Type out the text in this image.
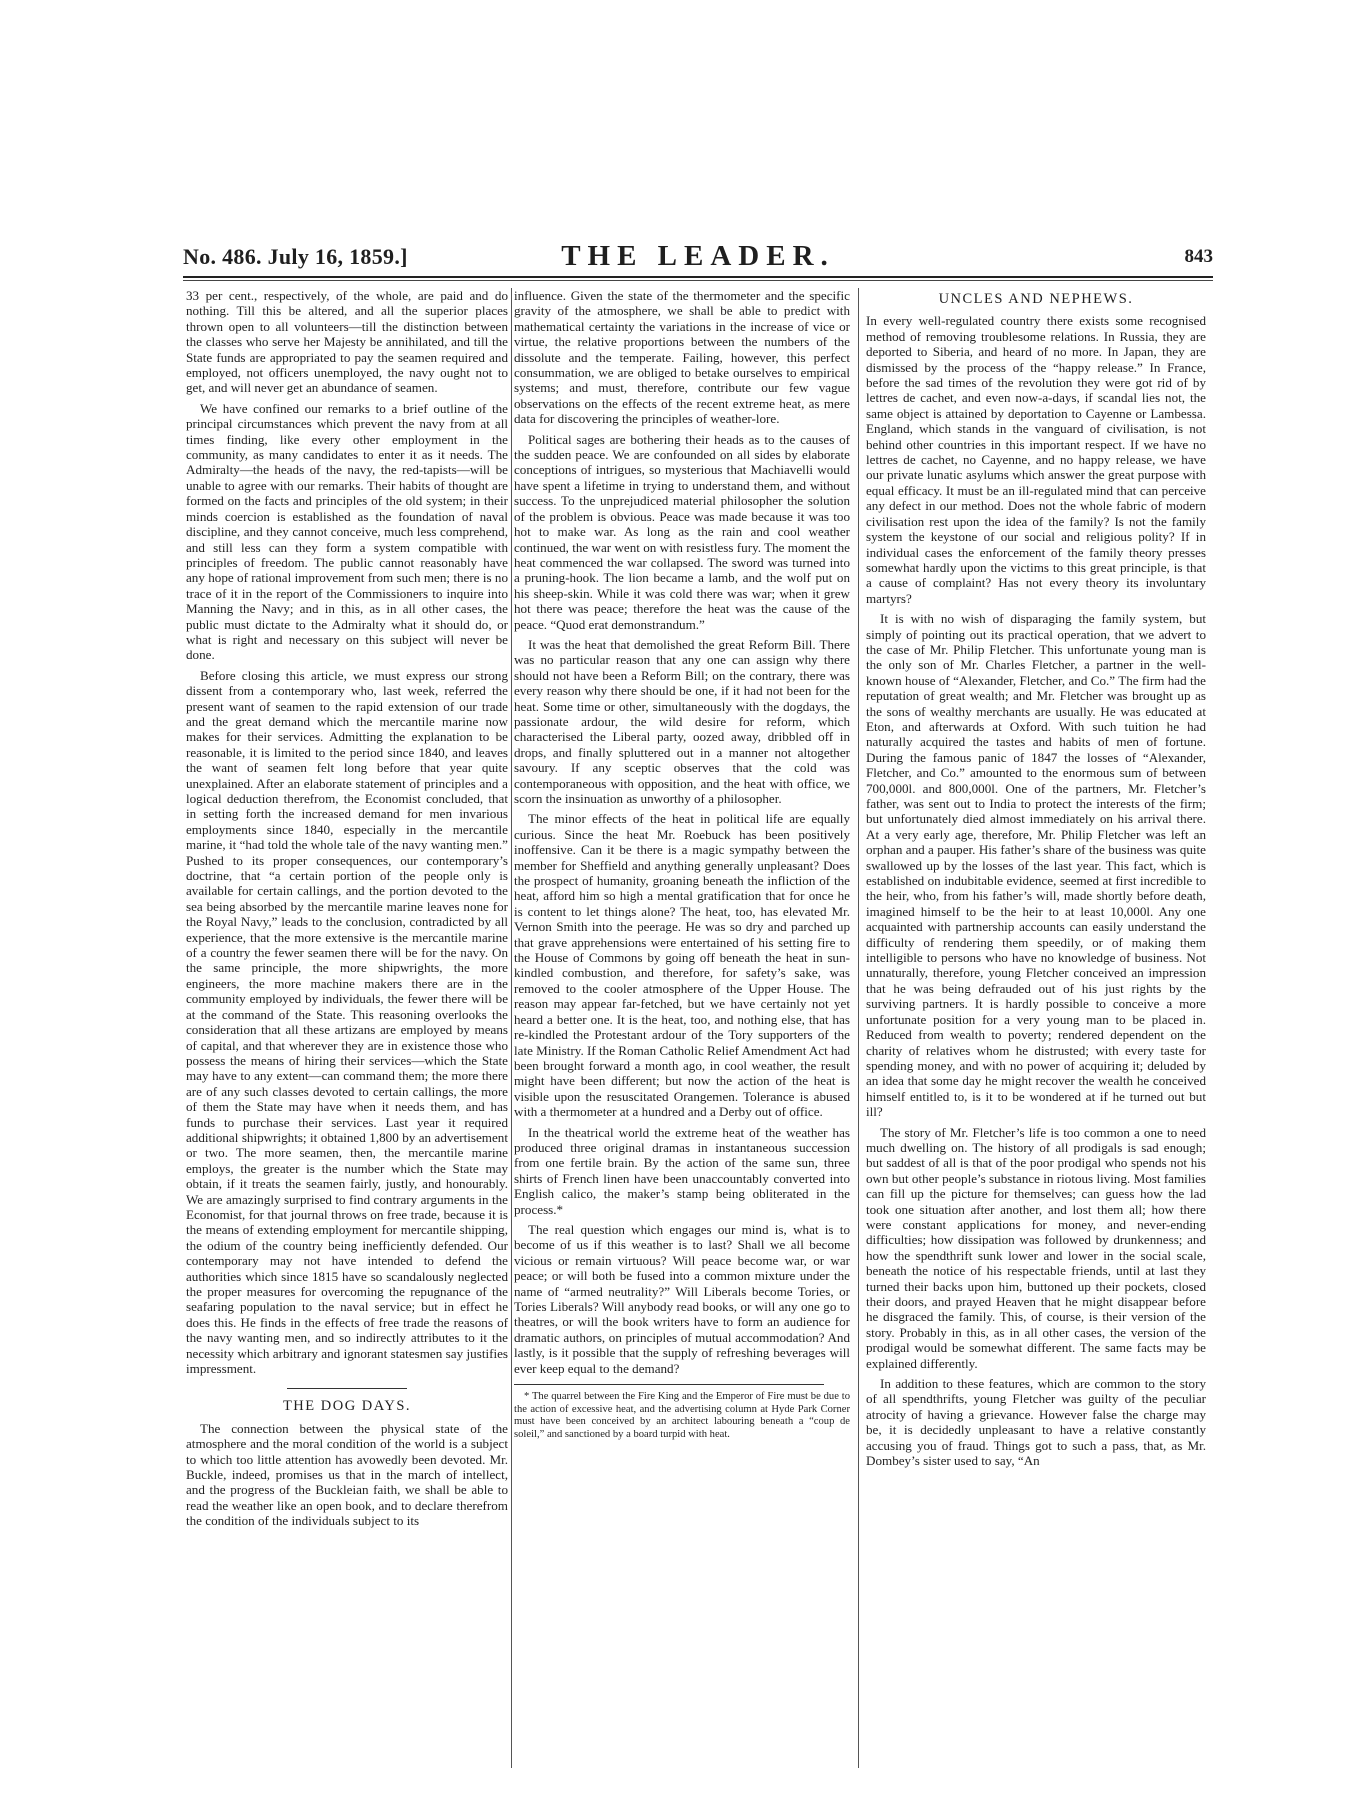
No. 486. July 16, 1859.]	THE LEADER.	843

33 per cent., respectively, of the whole, are paid and do nothing. Till this be altered, and all the superior places thrown open to all volunteers—till the distinction between the classes who serve her Majesty be annihilated, and till the State funds are appropriated to pay the seamen required and employed, not officers unemployed, the navy ought not to get, and will never get an abundance of seamen.

We have confined our remarks to a brief outline of the principal circumstances which prevent the navy from at all times finding, like every other employment in the community, as many candidates to enter it as it needs. The Admiralty—the heads of the navy, the red-tapists—will be unable to agree with our remarks. Their habits of thought are formed on the facts and principles of the old system; in their minds coercion is established as the foundation of naval discipline, and they cannot conceive, much less comprehend, and still less can they form a system compatible with principles of freedom. The public cannot reasonably have any hope of rational improvement from such men; there is no trace of it in the report of the Commissioners to inquire into Manning the Navy; and in this, as in all other cases, the public must dictate to the Admiralty what it should do, or what is right and necessary on this subject will never be done.

Before closing this article, we must express our strong dissent from a contemporary who, last week, referred the present want of seamen to the rapid extension of our trade and the great demand which the mercantile marine now makes for their services. Admitting the explanation to be reasonable, it is limited to the period since 1840, and leaves the want of seamen felt long before that year quite unexplained. After an elaborate statement of principles and a logical deduction therefrom, the Economist concluded, that in setting forth the increased demand for men invarious employments since 1840, especially in the mercantile marine, it “had told the whole tale of the navy wanting men.” Pushed to its proper consequences, our contemporary’s doctrine, that “a certain portion of the people only is available for certain callings, and the portion devoted to the sea being absorbed by the mercantile marine leaves none for the Royal Navy,” leads to the conclusion, contradicted by all experience, that the more extensive is the mercantile marine of a country the fewer seamen there will be for the navy. On the same principle, the more shipwrights, the more engineers, the more machine makers there are in the community employed by individuals, the fewer there will be at the command of the State. This reasoning overlooks the consideration that all these artizans are employed by means of capital, and that wherever they are in existence those who possess the means of hiring their services—which the State may have to any extent—can command them; the more there are of any such classes devoted to certain callings, the more of them the State may have when it needs them, and has funds to purchase their services. Last year it required additional shipwrights; it obtained 1,800 by an advertisement or two. The more seamen, then, the mercantile marine employs, the greater is the number which the State may obtain, if it treats the seamen fairly, justly, and honourably. We are amazingly surprised to find contrary arguments in the Economist, for that journal throws on free trade, because it is the means of extending employment for mercantile shipping, the odium of the country being inefficiently defended. Our contemporary may not have intended to defend the authorities which since 1815 have so scandalously neglected the proper measures for overcoming the repugnance of the seafaring population to the naval service; but in effect he does this. He finds in the effects of free trade the reasons of the navy wanting men, and so indirectly attributes to it the necessity which arbitrary and ignorant statesmen say justifies impressment.

THE DOG DAYS.

The connection between the physical state of the atmosphere and the moral condition of the world is a subject to which too little attention has avowedly been devoted. Mr. Buckle, indeed, promises us that in the march of intellect, and the progress of the Buckleian faith, we shall be able to read the weather like an open book, and to declare therefrom the condition of the individuals subject to its

influence. Given the state of the thermometer and the specific gravity of the atmosphere, we shall be able to predict with mathematical certainty the variations in the increase of vice or virtue, the relative proportions between the numbers of the dissolute and the temperate. Failing, however, this perfect consummation, we are obliged to betake ourselves to empirical systems; and must, therefore, contribute our few vague observations on the effects of the recent extreme heat, as mere data for discovering the principles of weather-lore.

Political sages are bothering their heads as to the causes of the sudden peace. We are confounded on all sides by elaborate conceptions of intrigues, so mysterious that Machiavelli would have spent a lifetime in trying to understand them, and without success. To the unprejudiced material philosopher the solution of the problem is obvious. Peace was made because it was too hot to make war. As long as the rain and cool weather continued, the war went on with resistless fury. The moment the heat commenced the war collapsed. The sword was turned into a pruning-hook. The lion became a lamb, and the wolf put on his sheep-skin. While it was cold there was war; when it grew hot there was peace; therefore the heat was the cause of the peace. “Quod erat demonstrandum.”

It was the heat that demolished the great Reform Bill. There was no particular reason that any one can assign why there should not have been a Reform Bill; on the contrary, there was every reason why there should be one, if it had not been for the heat. Some time or other, simultaneously with the dogdays, the passionate ardour, the wild desire for reform, which characterised the Liberal party, oozed away, dribbled off in drops, and finally spluttered out in a manner not altogether savoury. If any sceptic observes that the cold was contemporaneous with opposition, and the heat with office, we scorn the insinuation as unworthy of a philosopher.

The minor effects of the heat in political life are equally curious. Since the heat Mr. Roebuck has been positively inoffensive. Can it be there is a magic sympathy between the member for Sheffield and anything generally unpleasant? Does the prospect of humanity, groaning beneath the infliction of the heat, afford him so high a mental gratification that for once he is content to let things alone? The heat, too, has elevated Mr. Vernon Smith into the peerage. He was so dry and parched up that grave apprehensions were entertained of his setting fire to the House of Commons by going off beneath the heat in sun-kindled combustion, and therefore, for safety’s sake, was removed to the cooler atmosphere of the Upper House. The reason may appear far-fetched, but we have certainly not yet heard a better one. It is the heat, too, and nothing else, that has re-kindled the Protestant ardour of the Tory supporters of the late Ministry. If the Roman Catholic Relief Amendment Act had been brought forward a month ago, in cool weather, the result might have been different; but now the action of the heat is visible upon the resuscitated Orangemen. Tolerance is abused with a thermometer at a hundred and a Derby out of office.

In the theatrical world the extreme heat of the weather has produced three original dramas in instantaneous succession from one fertile brain. By the action of the same sun, three shirts of French linen have been unaccountably converted into English calico, the maker’s stamp being obliterated in the process.*

The real question which engages our mind is, what is to become of us if this weather is to last? Shall we all become vicious or remain virtuous? Will peace become war, or war peace; or will both be fused into a common mixture under the name of “armed neutrality?” Will Liberals become Tories, or Tories Liberals? Will anybody read books, or will any one go to theatres, or will the book writers have to form an audience for dramatic authors, on principles of mutual accommodation? And lastly, is it possible that the supply of refreshing beverages will ever keep equal to the demand?

* The quarrel between the Fire King and the Emperor of Fire must be due to the action of excessive heat, and the advertising column at Hyde Park Corner must have been conceived by an architect labouring beneath a “coup de soleil,” and sanctioned by a board turpid with heat.

UNCLES AND NEPHEWS.

In every well-regulated country there exists some recognised method of removing troublesome relations. In Russia, they are deported to Siberia, and heard of no more. In Japan, they are dismissed by the process of the “happy release.” In France, before the sad times of the revolution they were got rid of by lettres de cachet, and even now-a-days, if scandal lies not, the same object is attained by deportation to Cayenne or Lambessa. England, which stands in the vanguard of civilisation, is not behind other countries in this important respect. If we have no lettres de cachet, no Cayenne, and no happy release, we have our private lunatic asylums which answer the great purpose with equal efficacy. It must be an ill-regulated mind that can perceive any defect in our method. Does not the whole fabric of modern civilisation rest upon the idea of the family? Is not the family system the keystone of our social and religious polity? If in individual cases the enforcement of the family theory presses somewhat hardly upon the victims to this great principle, is that a cause of complaint? Has not every theory its involuntary martyrs?

It is with no wish of disparaging the family system, but simply of pointing out its practical operation, that we advert to the case of Mr. Philip Fletcher. This unfortunate young man is the only son of Mr. Charles Fletcher, a partner in the well-known house of “Alexander, Fletcher, and Co.” The firm had the reputation of great wealth; and Mr. Fletcher was brought up as the sons of wealthy merchants are usually. He was educated at Eton, and afterwards at Oxford. With such tuition he had naturally acquired the tastes and habits of men of fortune. During the famous panic of 1847 the losses of “Alexander, Fletcher, and Co.” amounted to the enormous sum of between 700,000l. and 800,000l. One of the partners, Mr. Fletcher’s father, was sent out to India to protect the interests of the firm; but unfortunately died almost immediately on his arrival there. At a very early age, therefore, Mr. Philip Fletcher was left an orphan and a pauper. His father’s share of the business was quite swallowed up by the losses of the last year. This fact, which is established on indubitable evidence, seemed at first incredible to the heir, who, from his father’s will, made shortly before death, imagined himself to be the heir to at least 10,000l. Any one acquainted with partnership accounts can easily understand the difficulty of rendering them speedily, or of making them intelligible to persons who have no knowledge of business. Not unnaturally, therefore, young Fletcher conceived an impression that he was being defrauded out of his just rights by the surviving partners. It is hardly possible to conceive a more unfortunate position for a very young man to be placed in. Reduced from wealth to poverty; rendered dependent on the charity of relatives whom he distrusted; with every taste for spending money, and with no power of acquiring it; deluded by an idea that some day he might recover the wealth he conceived himself entitled to, is it to be wondered at if he turned out but ill?

The story of Mr. Fletcher’s life is too common a one to need much dwelling on. The history of all prodigals is sad enough; but saddest of all is that of the poor prodigal who spends not his own but other people’s substance in riotous living. Most families can fill up the picture for themselves; can guess how the lad took one situation after another, and lost them all; how there were constant applications for money, and never-ending difficulties; how dissipation was followed by drunkenness; and how the spendthrift sunk lower and lower in the social scale, beneath the notice of his respectable friends, until at last they turned their backs upon him, buttoned up their pockets, closed their doors, and prayed Heaven that he might disappear before he disgraced the family. This, of course, is their version of the story. Probably in this, as in all other cases, the version of the prodigal would be somewhat different. The same facts may be explained differently.

In addition to these features, which are common to the story of all spendthrifts, young Fletcher was guilty of the peculiar atrocity of having a grievance. However false the charge may be, it is decidedly unpleasant to have a relative constantly accusing you of fraud. Things got to such a pass, that, as Mr. Dombey’s sister used to say, “An
